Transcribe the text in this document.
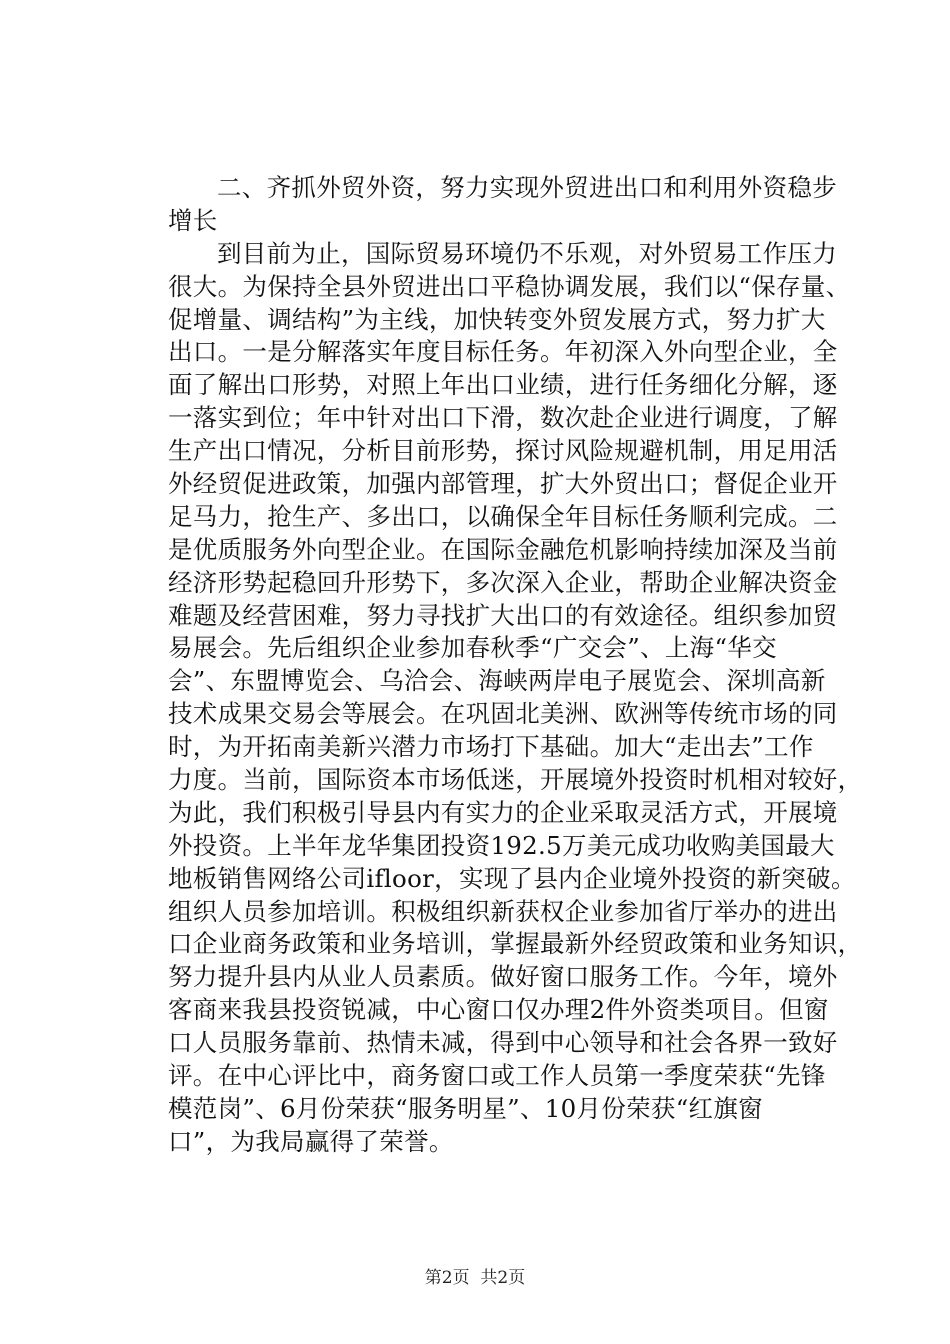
二、齐抓外贸外资，努力实现外贸进出口和利用外资稳步
增长
到目前为止，国际贸易环境仍不乐观，对外贸易工作压力
很大。为保持全县外贸进出口平稳协调发展，我们以“保存量、
促增量、调结构”为主线，加快转变外贸发展方式，努力扩大
出口。一是分解落实年度目标任务。年初深入外向型企业，全
面了解出口形势，对照上年出口业绩，进行任务细化分解，逐
一落实到位；年中针对出口下滑，数次赴企业进行调度，了解
生产出口情况，分析目前形势，探讨风险规避机制，用足用活
外经贸促进政策，加强内部管理，扩大外贸出口；督促企业开
足马力，抢生产、多出口，以确保全年目标任务顺利完成。二
是优质服务外向型企业。在国际金融危机影响持续加深及当前
经济形势起稳回升形势下，多次深入企业，帮助企业解决资金
难题及经营困难，努力寻找扩大出口的有效途径。组织参加贸
易展会。先后组织企业参加春秋季“广交会”、上海“华交
会”、东盟博览会、乌洽会、海峡两岸电子展览会、深圳高新
技术成果交易会等展会。在巩固北美洲、欧洲等传统市场的同
时，为开拓南美新兴潜力市场打下基础。加大“走出去”工作
力度。当前，国际资本市场低迷，开展境外投资时机相对较好，
为此，我们积极引导县内有实力的企业采取灵活方式，开展境
外投资。上半年龙华集团投资192.5万美元成功收购美国最大
地板销售网络公司ifloor，实现了县内企业境外投资的新突破。
组织人员参加培训。积极组织新获权企业参加省厅举办的进出
口企业商务政策和业务培训，掌握最新外经贸政策和业务知识，
努力提升县内从业人员素质。做好窗口服务工作。今年，境外
客商来我县投资锐减，中心窗口仅办理2件外资类项目。但窗
口人员服务靠前、热情未减，得到中心领导和社会各界一致好
评。在中心评比中，商务窗口或工作人员第一季度荣获“先锋
模范岗”、6月份荣获“服务明星”、10月份荣获“红旗窗
口”，为我局赢得了荣誉。
第2页 共2页
